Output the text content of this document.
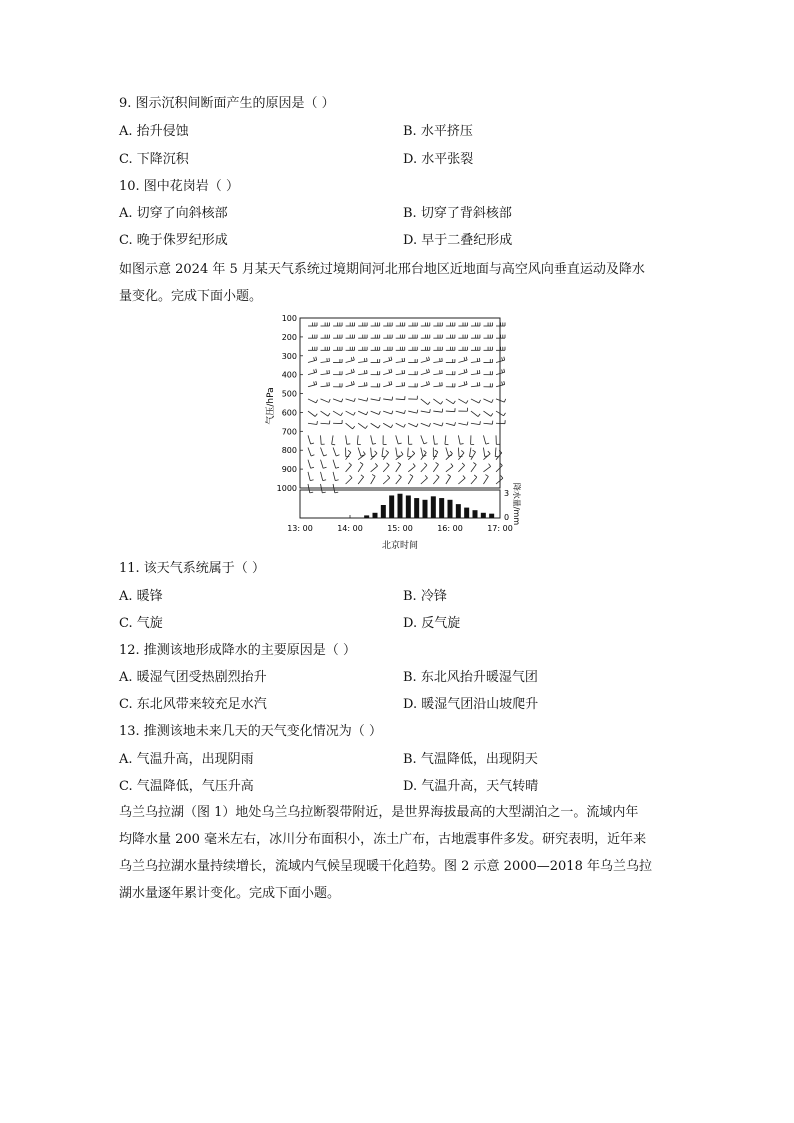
9. 图示沉积间断面产生的原因是（ ）
A. 抬升侵蚀	B. 水平挤压
C. 下降沉积	D. 水平张裂
10. 图中花岗岩（ ）
A. 切穿了向斜核部	B. 切穿了背斜核部
C. 晚于侏罗纪形成	D. 早于二叠纪形成
如图示意 2024 年 5 月某天气系统过境期间河北邢台地区近地面与高空风向垂直运动及降水
量变化。完成下面小题。
100
200
300
400
500
600
700
800
900
1000
13: 00	14: 00	15: 00	16: 00	17: 00
气压/hPa
降水量/mm
3
0
北京时间
11. 该天气系统属于（ ）
A. 暖锋	B. 冷锋
C. 气旋	D. 反气旋
12. 推测该地形成降水的主要原因是（ ）
A. 暖湿气团受热剧烈抬升	B. 东北风抬升暖湿气团
C. 东北风带来较充足水汽	D. 暖湿气团沿山坡爬升
13. 推测该地未来几天的天气变化情况为（ ）
A. 气温升高，出现阴雨	B. 气温降低，出现阴天
C. 气温降低，气压升高	D. 气温升高，天气转晴
乌兰乌拉湖（图 1）地处乌兰乌拉断裂带附近，是世界海拔最高的大型湖泊之一。流域内年
均降水量 200 毫米左右，冰川分布面积小，冻土广布，古地震事件多发。研究表明，近年来
乌兰乌拉湖水量持续增长，流域内气候呈现暖干化趋势。图 2 示意 2000—2018 年乌兰乌拉
湖水量逐年累计变化。完成下面小题。
